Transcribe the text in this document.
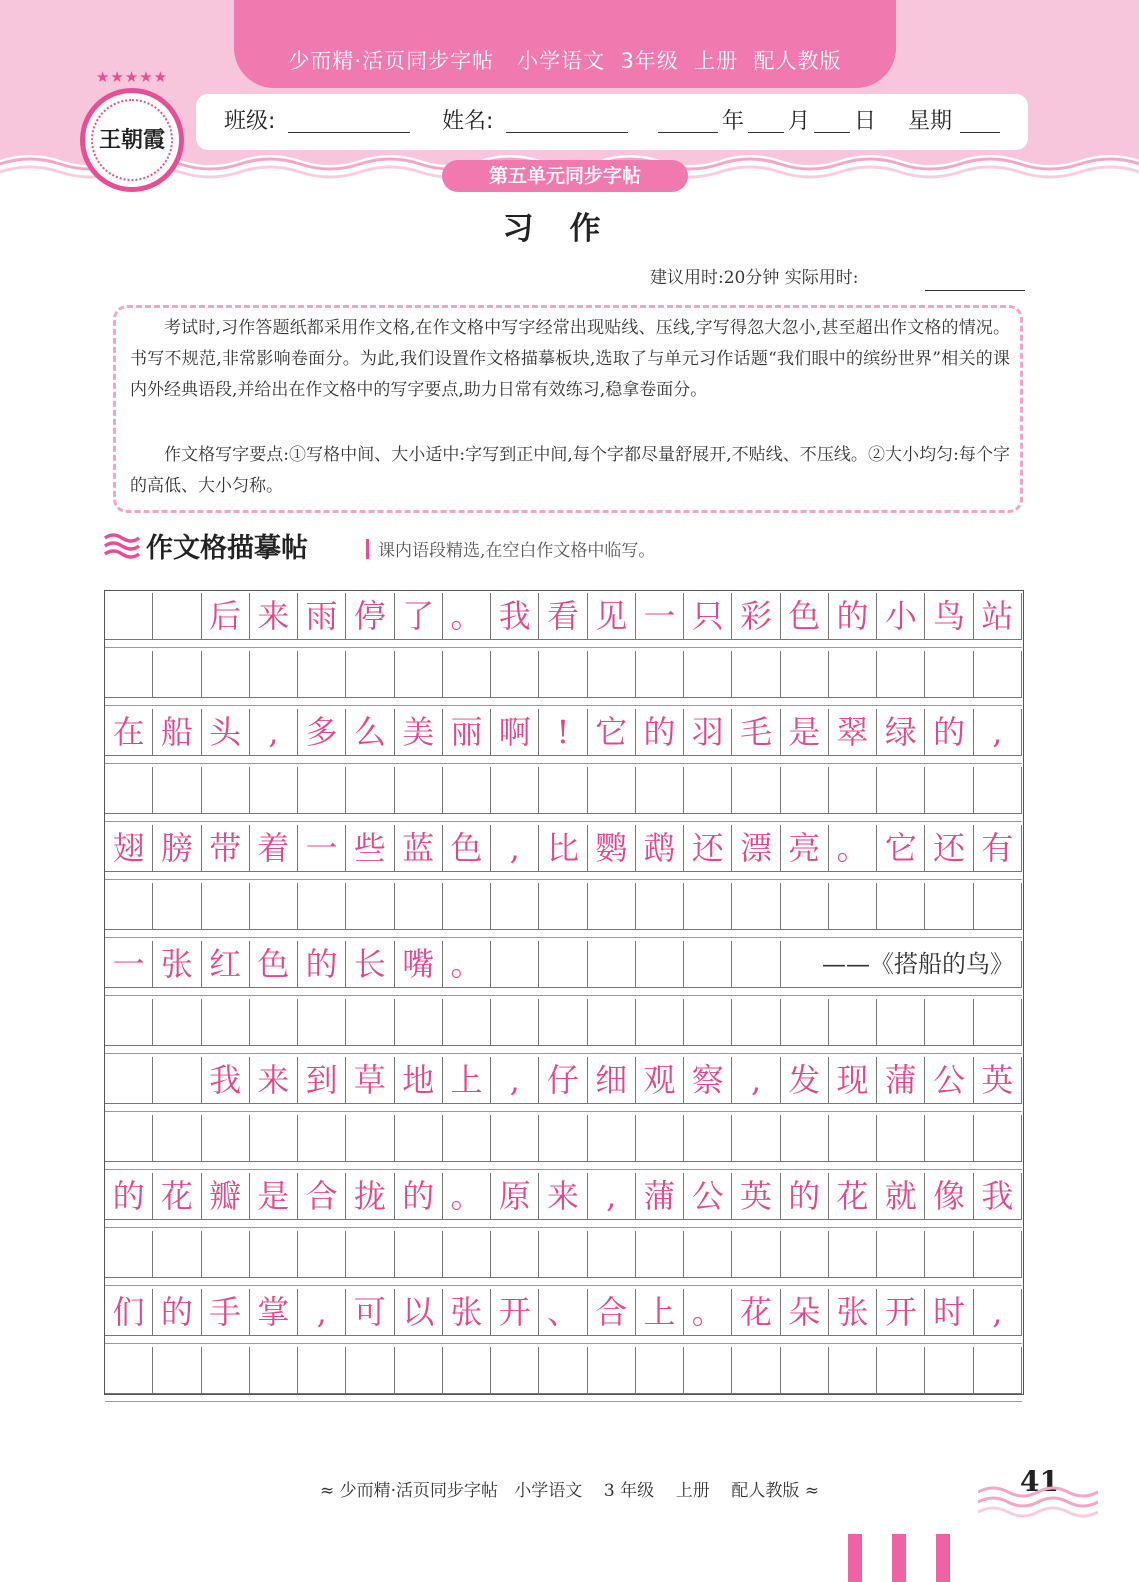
少而精·活页同步字帖   小学语文  3年级  上册  配人教版
★★★★★
王朝霞
班级:	姓名:	年 月 日 星期
第五单元同步字帖
习作
建议用时:20分钟 实际用时:
考试时,习作答题纸都采用作文格,在作文格中写字经常出现贴线、压线,字写得忽大忽小,甚至超出作文格的情况。书写不规范,非常影响卷面分。为此,我们设置作文格描摹板块,选取了与单元习作话题“我们眼中的缤纷世界”相关的课内外经典语段,并给出在作文格中的写字要点,助力日常有效练习,稳拿卷面分。
作文格写字要点:①写格中间、大小适中:字写到正中间,每个字都尽量舒展开,不贴线、不压线。②大小均匀:每个字的高低、大小匀称。
作文格描摹帖	课内语段精选,在空白作文格中临写。
后 来 雨 停 了 。 我 看 见 一 只 彩 色 的 小 鸟 站
在 船 头 , 多 么 美 丽 啊 ! 它 的 羽 毛 是 翠 绿 的 ,
翅 膀 带 着 一 些 蓝 色 , 比 鹦 鹉 还 漂 亮 。 它 还 有
一 张 红 色 的 长 嘴 。	——《搭船的鸟》
我 来 到 草 地 上 , 仔 细 观 察 , 发 现 蒲 公 英
的 花 瓣 是 合 拢 的 。 原 来 , 蒲 公 英 的 花 就 像 我
们 的 手 掌 , 可 以 张 开 、 合 上 。 花 朵 张 开 时 ,
≈ 少而精·活页同步字帖   小学语文    3 年级    上册    配人教版 ≈	41
